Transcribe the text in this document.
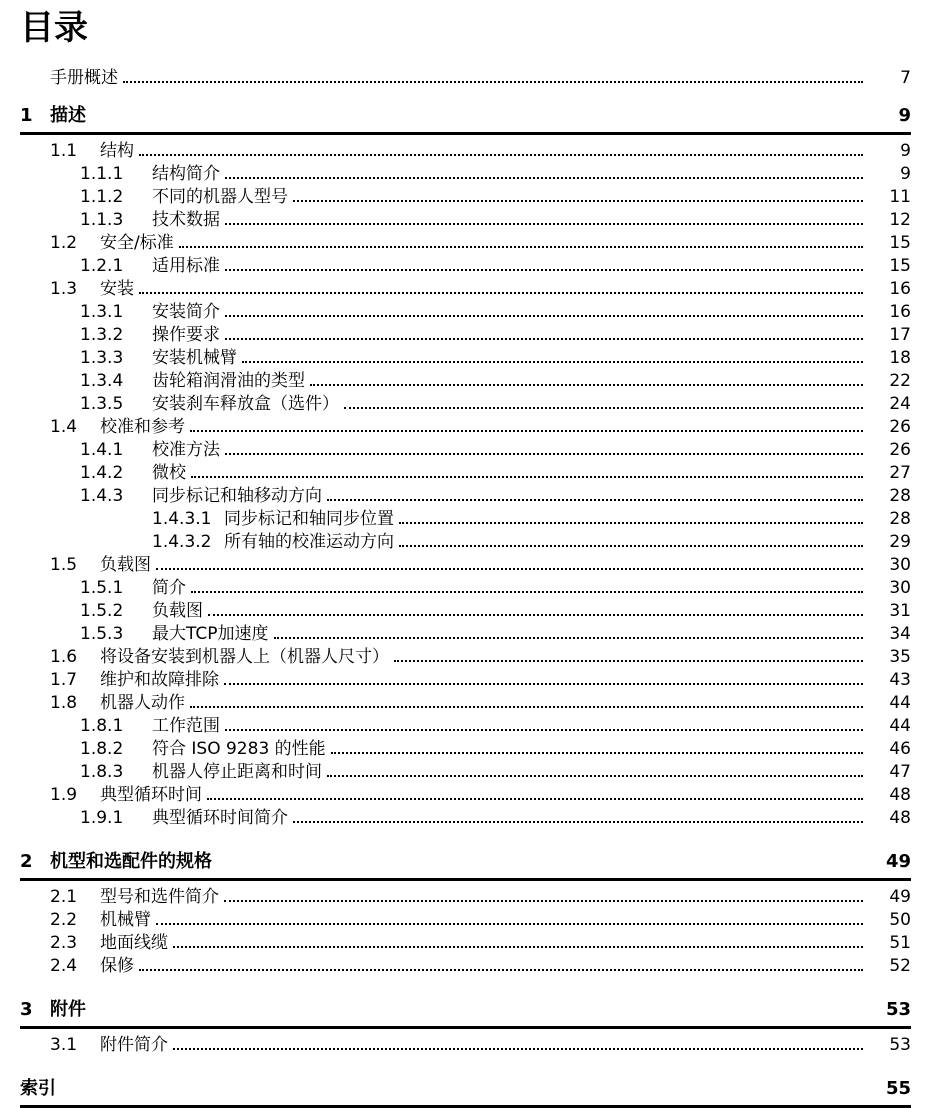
目录
手册概述	7
1 描述	9
1.1	结构	9
1.1.1	结构简介	9
1.1.2	不同的机器人型号	11
1.1.3	技术数据	12
1.2	安全/标准	15
1.2.1	适用标准	15
1.3	安装	16
1.3.1	安装简介	16
1.3.2	操作要求	17
1.3.3	安装机械臂	18
1.3.4	齿轮箱润滑油的类型	22
1.3.5	安装刹车释放盒（选件）	24
1.4	校准和参考	26
1.4.1	校准方法	26
1.4.2	微校	27
1.4.3	同步标记和轴移动方向	28
1.4.3.1 同步标记和轴同步位置	28
1.4.3.2 所有轴的校准运动方向	29
1.5	负载图	30
1.5.1	简介	30
1.5.2	负载图	31
1.5.3	最大TCP加速度	34
1.6	将设备安装到机器人上（机器人尺寸）	35
1.7	维护和故障排除	43
1.8	机器人动作	44
1.8.1	工作范围	44
1.8.2	符合 ISO 9283 的性能	46
1.8.3	机器人停止距离和时间	47
1.9	典型循环时间	48
1.9.1	典型循环时间简介	48
2 机型和选配件的规格	49
2.1	型号和选件简介	49
2.2	机械臂	50
2.3	地面线缆	51
2.4	保修	52
3 附件	53
3.1	附件简介	53
索引	55
